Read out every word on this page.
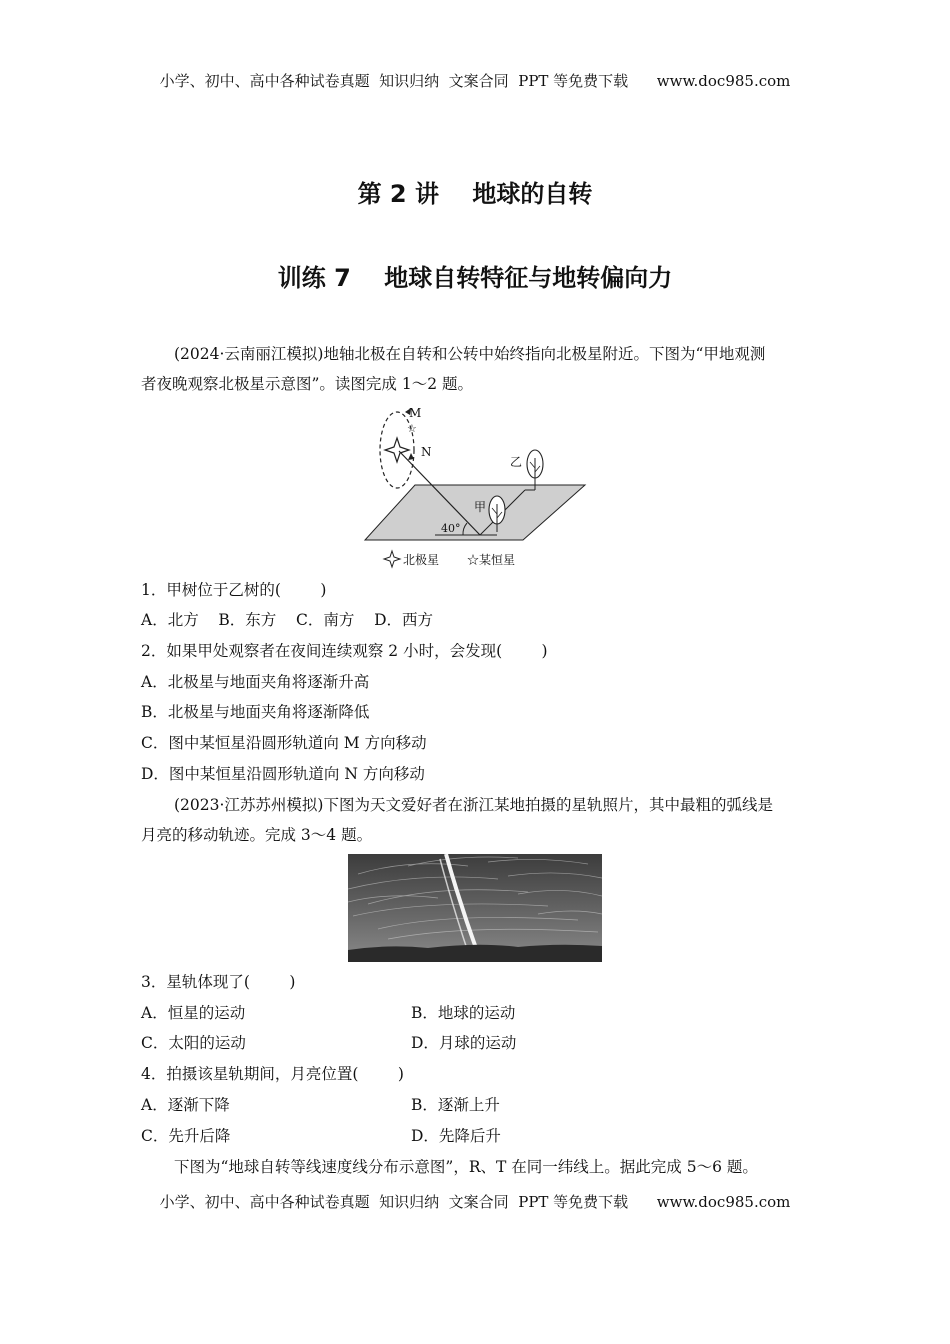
小学、初中、高中各种试卷真题  知识归纳  文案合同  PPT 等免费下载      www.doc985.com
第 2 讲    地球的自转
训练 7    地球自转特征与地转偏向力
(2024·云南丽江模拟)地轴北极在自转和公转中始终指向北极星附近。下图为“甲地观测
者夜晚观察北极星示意图”。读图完成 1～2 题。
☆
M
N
40°
甲
乙
北极星 ☆某恒星
1．甲树位于乙树的(        )
A．北方    B．东方    C．南方    D．西方
2．如果甲处观察者在夜间连续观察 2 小时，会发现(        )
A．北极星与地面夹角将逐渐升高
B．北极星与地面夹角将逐渐降低
C．图中某恒星沿圆形轨道向 M 方向移动
D．图中某恒星沿圆形轨道向 N 方向移动
(2023·江苏苏州模拟)下图为天文爱好者在浙江某地拍摄的星轨照片，其中最粗的弧线是
月亮的移动轨迹。完成 3～4 题。
3．星轨体现了(        )
A．恒星的运动	B．地球的运动
C．太阳的运动	D．月球的运动
4．拍摄该星轨期间，月亮位置(        )
A．逐渐下降	B．逐渐上升
C．先升后降	D．先降后升
下图为“地球自转等线速度线分布示意图”，R、T 在同一纬线上。据此完成 5～6 题。
小学、初中、高中各种试卷真题  知识归纳  文案合同  PPT 等免费下载      www.doc985.com
